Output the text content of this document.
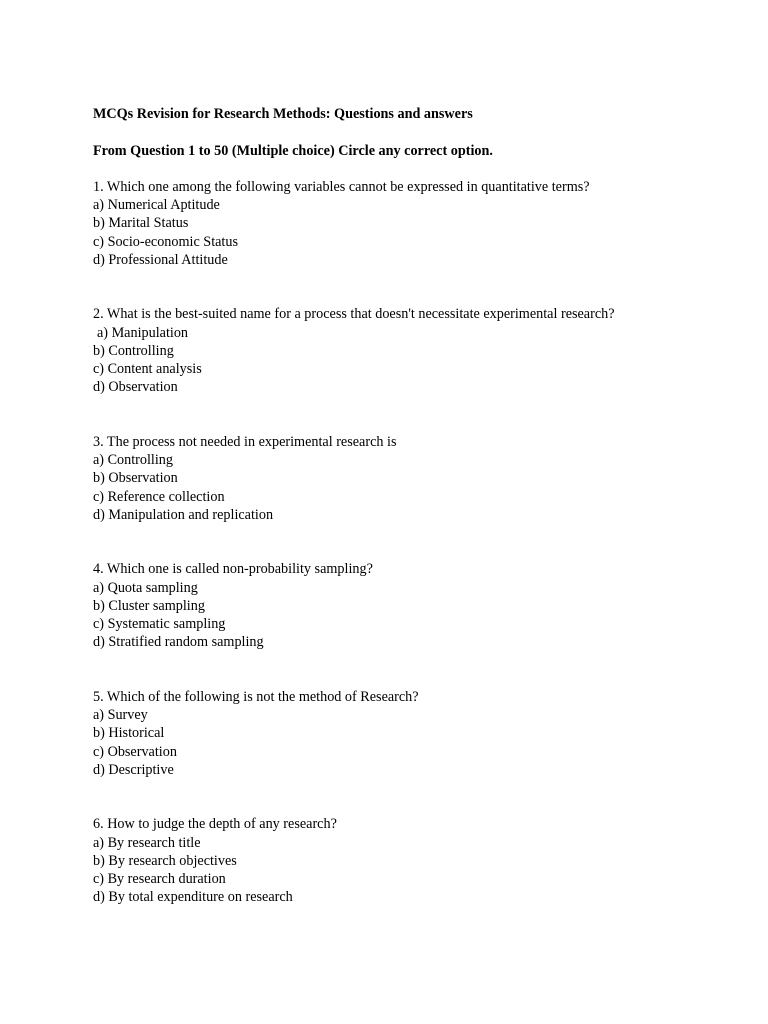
MCQs Revision for Research Methods: Questions and answers

From Question 1 to 50 (Multiple choice) Circle any correct option.

1. Which one among the following variables cannot be expressed in quantitative terms?

a) Numerical Aptitude

b) Marital Status

c) Socio-economic Status

d) Professional Attitude

2. What is the best-suited name for a process that doesn't necessitate experimental research?

a) Manipulation

b) Controlling

c) Content analysis

d) Observation

3. The process not needed in experimental research is

a) Controlling

b) Observation

c) Reference collection

d) Manipulation and replication

4. Which one is called non-probability sampling?

a) Quota sampling

b) Cluster sampling

c) Systematic sampling

d) Stratified random sampling

5. Which of the following is not the method of Research?

a) Survey

b) Historical

c) Observation

d) Descriptive

6. How to judge the depth of any research?

a) By research title

b) By research objectives

c) By research duration

d) By total expenditure on research
